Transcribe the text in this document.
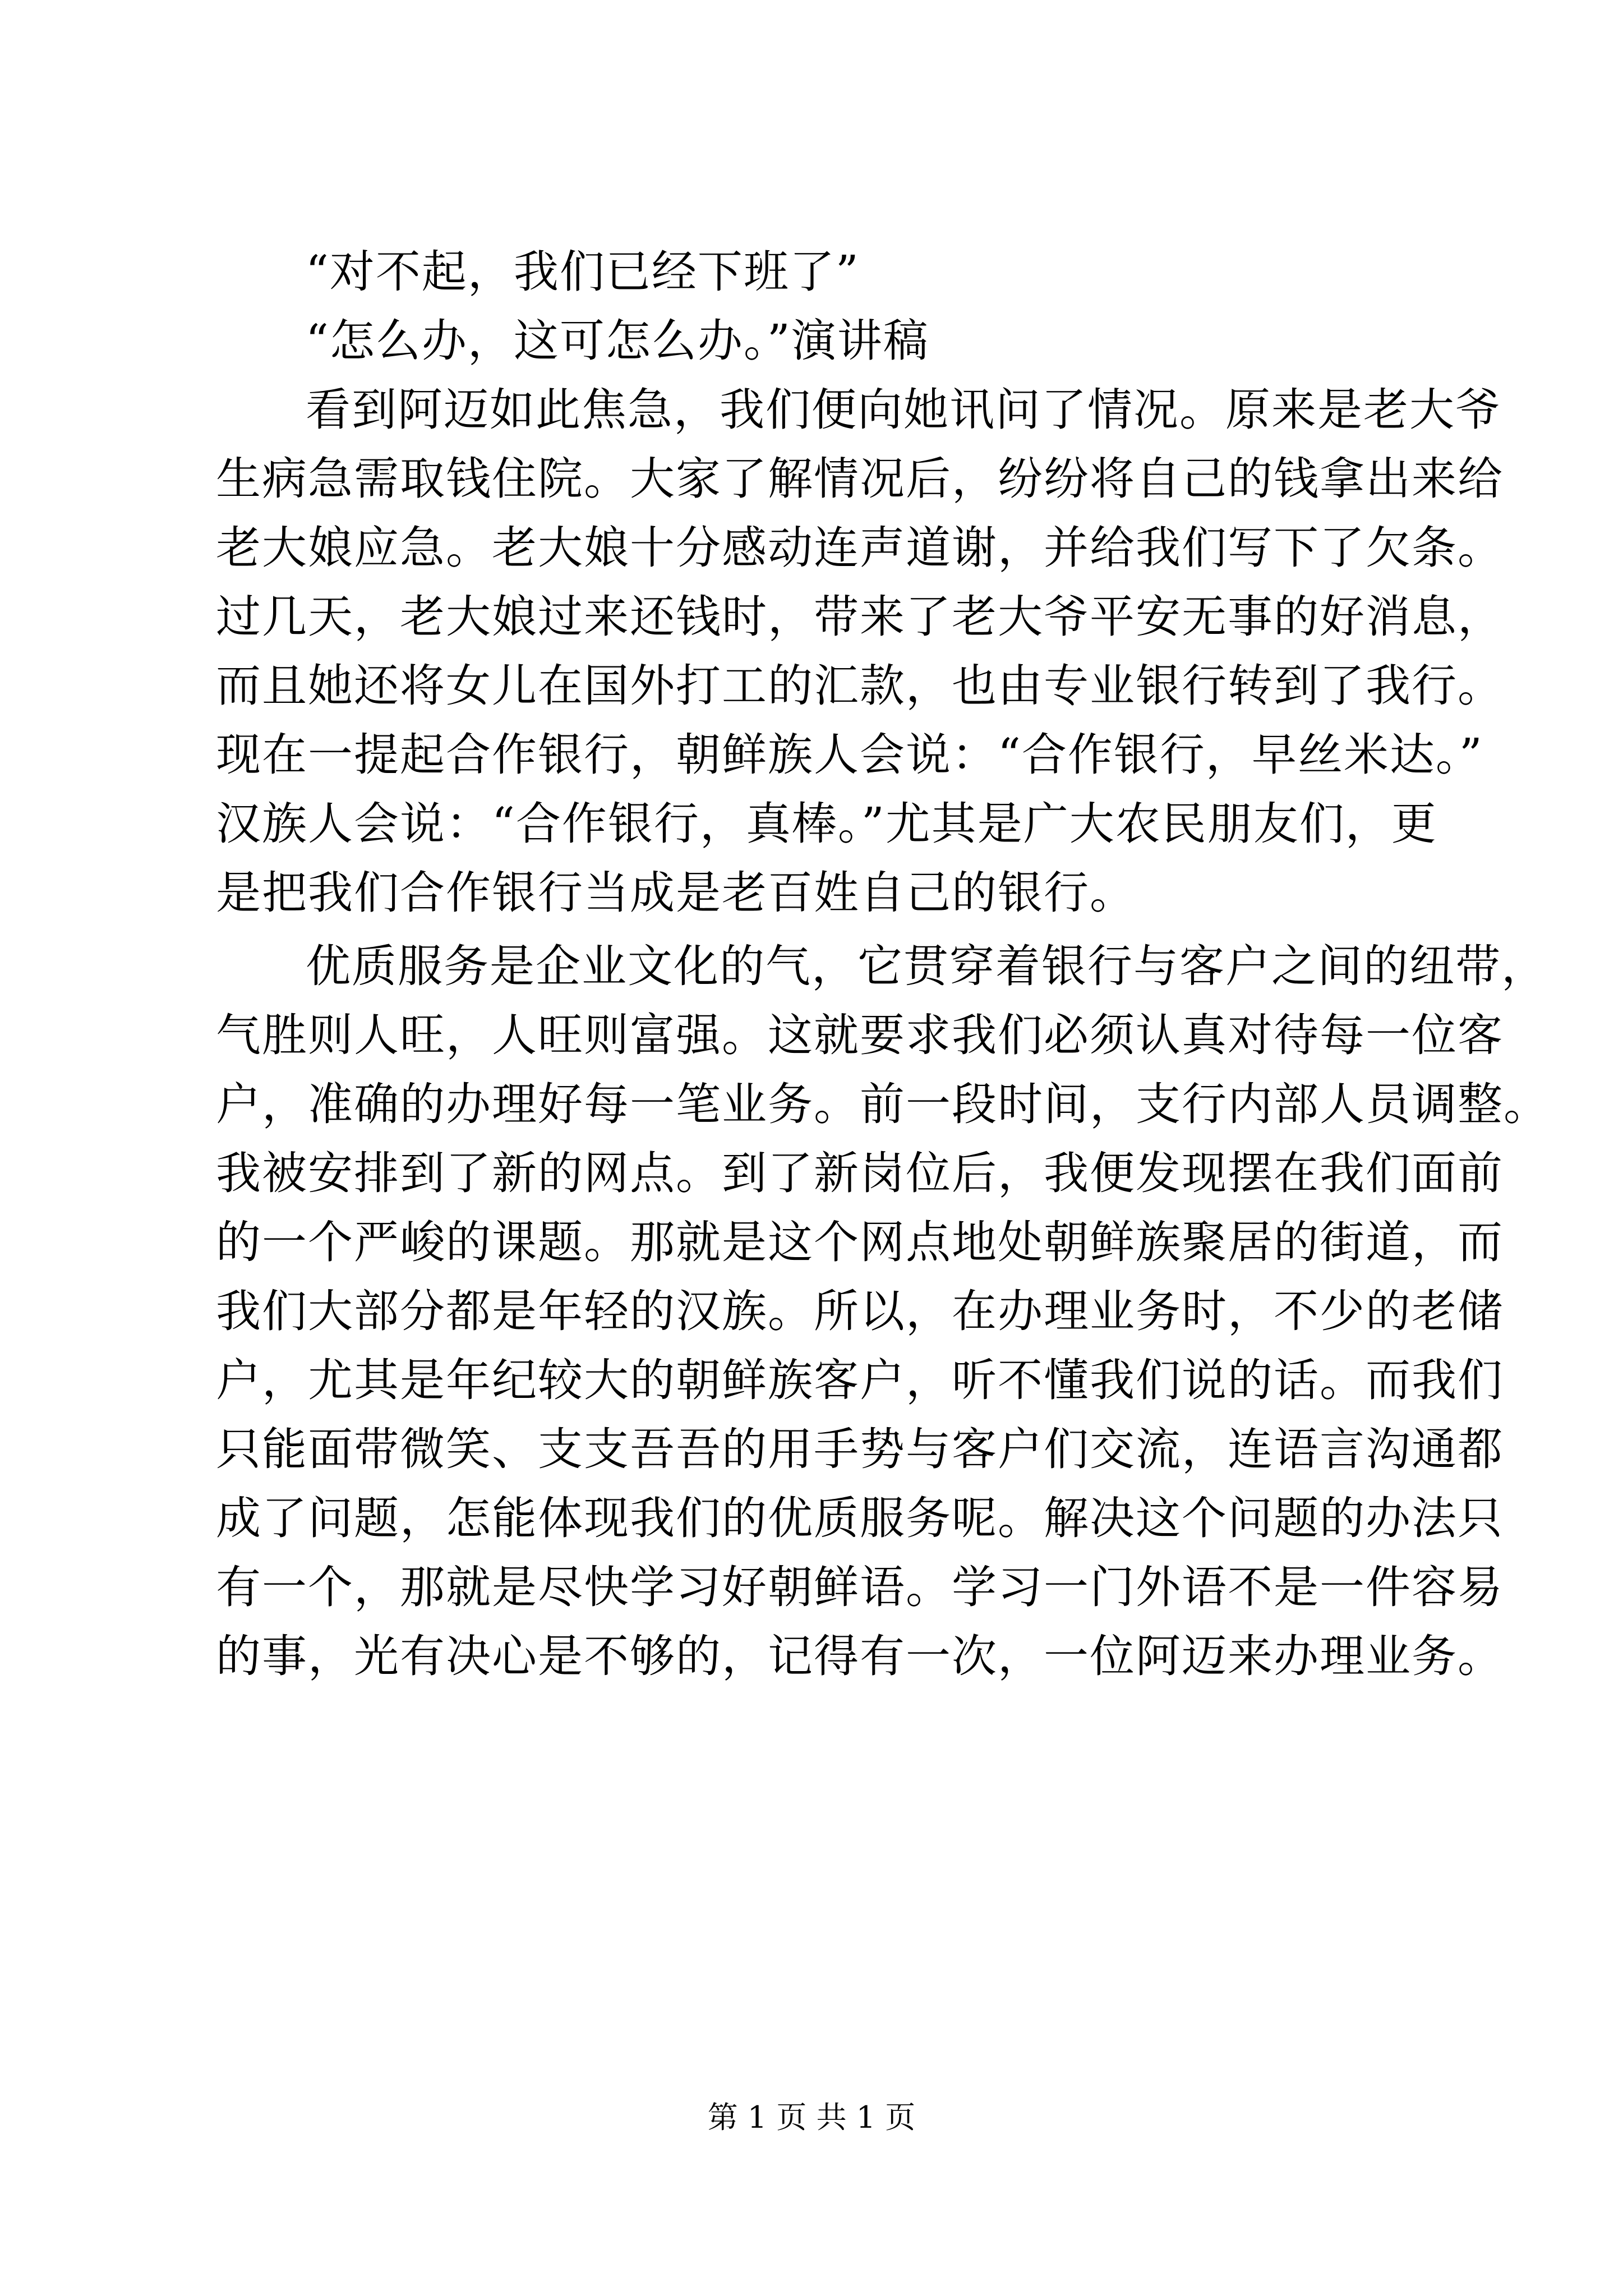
“对不起，我们已经下班了”
“怎么办，这可怎么办。”演讲稿
看到阿迈如此焦急，我们便向她讯问了情况。原来是老大爷
生病急需取钱住院。大家了解情况后，纷纷将自己的钱拿出来给
老大娘应急。老大娘十分感动连声道谢，并给我们写下了欠条。
过几天，老大娘过来还钱时，带来了老大爷平安无事的好消息，
而且她还将女儿在国外打工的汇款，也由专业银行转到了我行。
现在一提起合作银行，朝鲜族人会说：“合作银行，早丝米达。”
汉族人会说：“合作银行，真棒。”尤其是广大农民朋友们，更
是把我们合作银行当成是老百姓自己的银行。
优质服务是企业文化的气，它贯穿着银行与客户之间的纽带，
气胜则人旺，人旺则富强。这就要求我们必须认真对待每一位客
户，准确的办理好每一笔业务。前一段时间，支行内部人员调整。
我被安排到了新的网点。到了新岗位后，我便发现摆在我们面前
的一个严峻的课题。那就是这个网点地处朝鲜族聚居的街道，而
我们大部分都是年轻的汉族。所以，在办理业务时，不少的老储
户，尤其是年纪较大的朝鲜族客户，听不懂我们说的话。而我们
只能面带微笑、支支吾吾的用手势与客户们交流，连语言沟通都
成了问题，怎能体现我们的优质服务呢。解决这个问题的办法只
有一个，那就是尽快学习好朝鲜语。学习一门外语不是一件容易
的事，光有决心是不够的，记得有一次，一位阿迈来办理业务。
第 1 页 共 1 页
